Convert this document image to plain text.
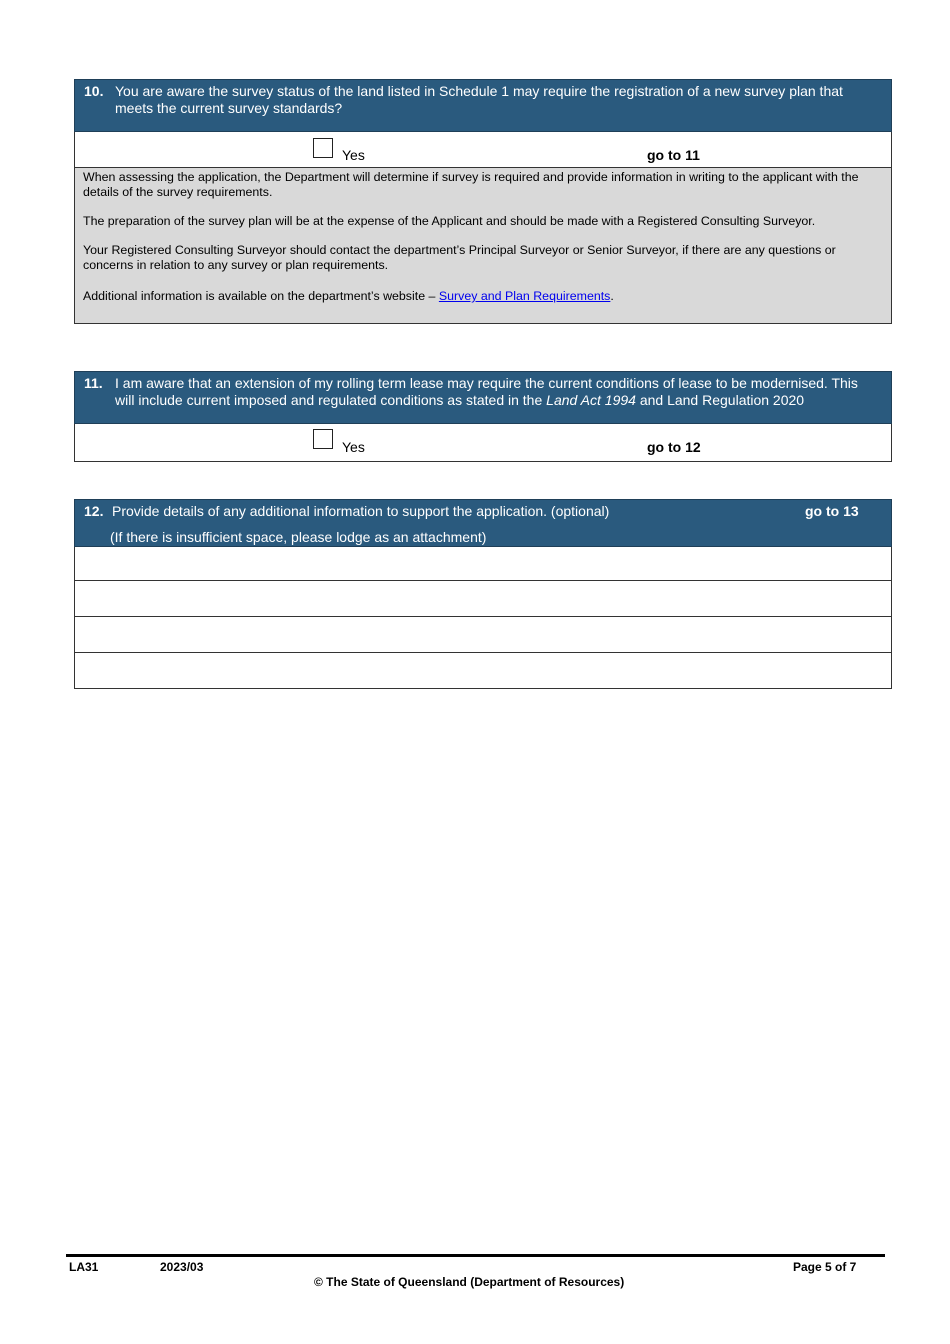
10. You are aware the survey status of the land listed in Schedule 1 may require the registration of a new survey plan that meets the current survey standards?
Yes	go to 11

When assessing the application, the Department will determine if survey is required and provide information in writing to the applicant with the details of the survey requirements.

The preparation of the survey plan will be at the expense of the Applicant and should be made with a Registered Consulting Surveyor.

Your Registered Consulting Surveyor should contact the department’s Principal Surveyor or Senior Surveyor, if there are any questions or concerns in relation to any survey or plan requirements.

Additional information is available on the department’s website – Survey and Plan Requirements.

11. I am aware that an extension of my rolling term lease may require the current conditions of lease to be modernised. This will include current imposed and regulated conditions as stated in the Land Act 1994 and Land Regulation 2020
Yes	go to 12
12. Provide details of any additional information to support the application. (optional)	go to 13
(If there is insufficient space, please lodge as an attachment)
LA31	2023/03	Page 5 of 7
© The State of Queensland (Department of Resources)
